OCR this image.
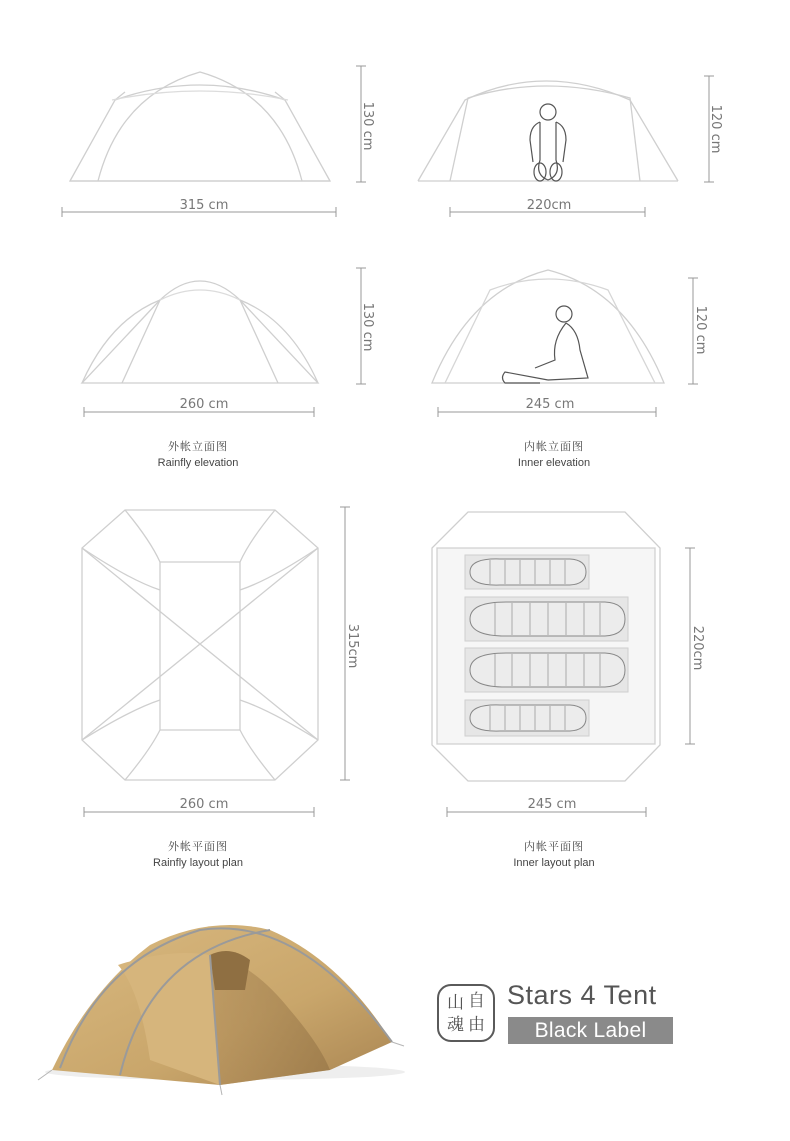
315 cm
130 cm
220cm
120 cm
260 cm
130 cm
245 cm
120 cm
260 cm
315cm
245 cm
220cm
外帐立面图
Rainfly elevation
内帐立面图
Inner elevation
外帐平面图
Rainfly layout plan
内帐平面图
Inner layout plan
山 自
魂 由
Stars 4 Tent
Black Label
